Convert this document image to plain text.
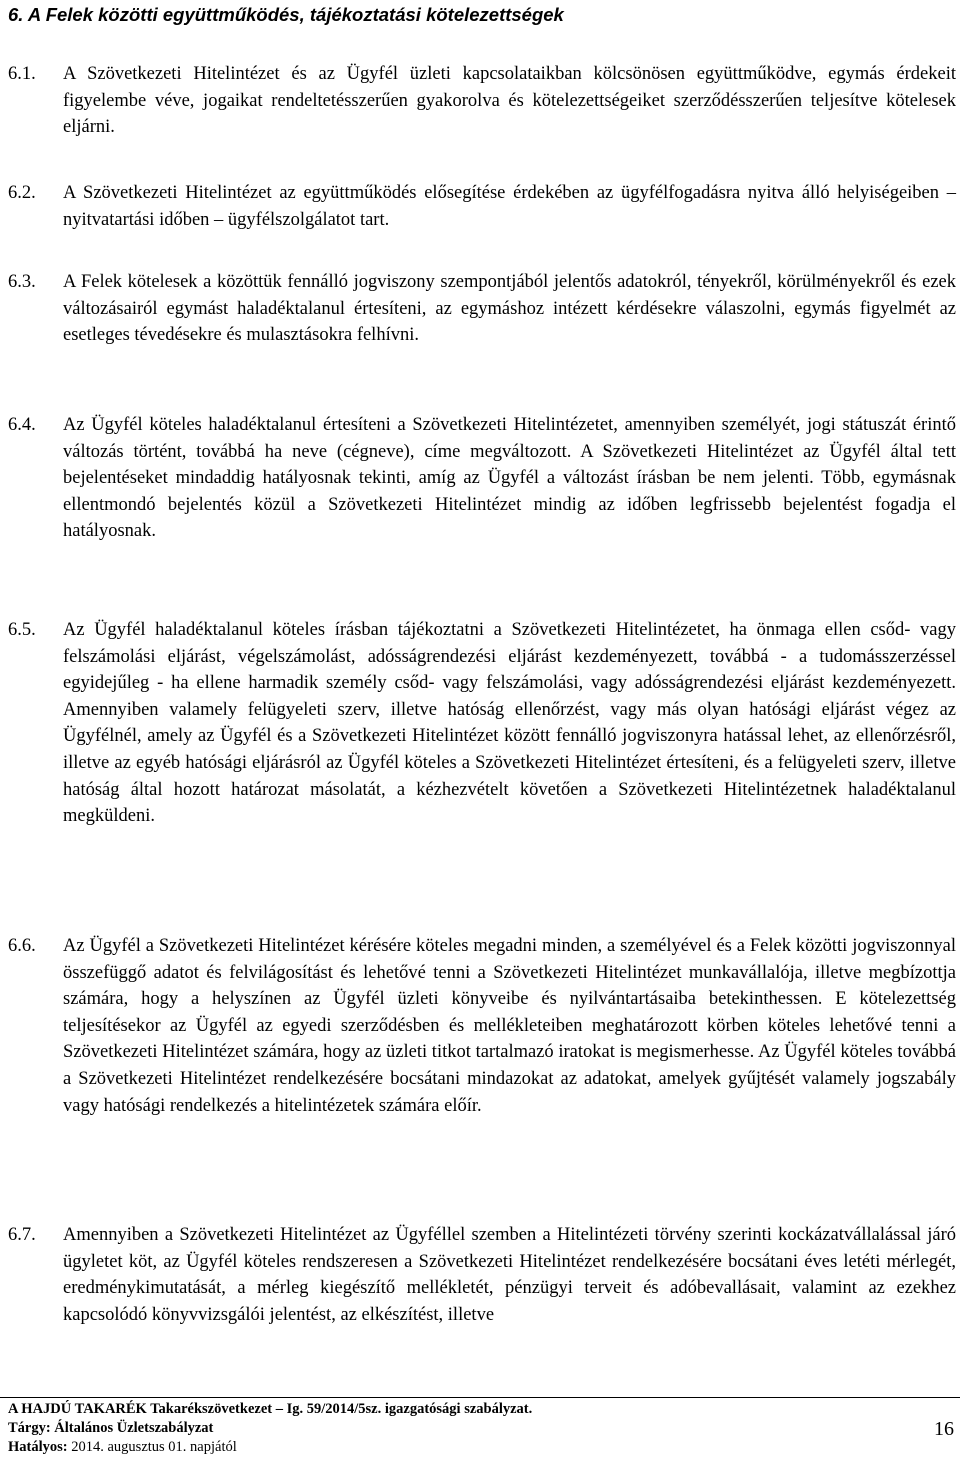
6. A Felek közötti együttműködés, tájékoztatási kötelezettségek
6.1. A Szövetkezeti Hitelintézet és az Ügyfél üzleti kapcsolataikban kölcsönösen együttműködve, egymás érdekeit figyelembe véve, jogaikat rendeltetésszerűen gyakorolva és kötelezettségeiket szerződésszerűen teljesítve kötelesek eljárni.
6.2. A Szövetkezeti Hitelintézet az együttműködés elősegítése érdekében az ügyfélfogadásra nyitva álló helyiségeiben – nyitvatartási időben – ügyfélszolgálatot tart.
6.3. A Felek kötelesek a közöttük fennálló jogviszony szempontjából jelentős adatokról, tényekről, körülményekről és ezek változásairól egymást haladéktalanul értesíteni, az egymáshoz intézett kérdésekre válaszolni, egymás figyelmét az esetleges tévedésekre és mulasztásokra felhívni.
6.4. Az Ügyfél köteles haladéktalanul értesíteni a Szövetkezeti Hitelintézetet, amennyiben személyét, jogi státuszát érintő változás történt, továbbá ha neve (cégneve), címe megváltozott. A Szövetkezeti Hitelintézet az Ügyfél által tett bejelentéseket mindaddig hatályosnak tekinti, amíg az Ügyfél a változást írásban be nem jelenti. Több, egymásnak ellentmondó bejelentés közül a Szövetkezeti Hitelintézet mindig az időben legfrissebb bejelentést fogadja el hatályosnak.
6.5. Az Ügyfél haladéktalanul köteles írásban tájékoztatni a Szövetkezeti Hitelintézetet, ha önmaga ellen csőd- vagy felszámolási eljárást, végelszámolást, adósságrendezési eljárást kezdeményezett, továbbá - a tudomásszerzéssel egyidejűleg - ha ellene harmadik személy csőd- vagy felszámolási, vagy adósságrendezési eljárást kezdeményezett. Amennyiben valamely felügyeleti szerv, illetve hatóság ellenőrzést, vagy más olyan hatósági eljárást végez az Ügyfélnél, amely az Ügyfél és a Szövetkezeti Hitelintézet között fennálló jogviszonyra hatással lehet, az ellenőrzésről, illetve az egyéb hatósági eljárásról az Ügyfél köteles a Szövetkezeti Hitelintézet értesíteni, és a felügyeleti szerv, illetve hatóság által hozott határozat másolatát, a kézhezvételt követően a Szövetkezeti Hitelintézetnek haladéktalanul megküldeni.
6.6. Az Ügyfél a Szövetkezeti Hitelintézet kérésére köteles megadni minden, a személyével és a Felek közötti jogviszonnyal összefüggő adatot és felvilágosítást és lehetővé tenni a Szövetkezeti Hitelintézet munkavállalója, illetve megbízottja számára, hogy a helyszínen az Ügyfél üzleti könyveibe és nyilvántartásaiba betekinthessen. E kötelezettség teljesítésekor az Ügyfél az egyedi szerződésben és mellékleteiben meghatározott körben köteles lehetővé tenni a Szövetkezeti Hitelintézet számára, hogy az üzleti titkot tartalmazó iratokat is megismerhesse. Az Ügyfél köteles továbbá a Szövetkezeti Hitelintézet rendelkezésére bocsátani mindazokat az adatokat, amelyek gyűjtését valamely jogszabály vagy hatósági rendelkezés a hitelintézetek számára előír.
6.7. Amennyiben a Szövetkezeti Hitelintézet az Ügyféllel szemben a Hitelintézeti törvény szerinti kockázatvállalással járó ügyletet köt, az Ügyfél köteles rendszeresen a Szövetkezeti Hitelintézet rendelkezésére bocsátani éves letéti mérlegét, eredménykimutatását, a mérleg kiegészítő mellékletét, pénzügyi terveit és adóbevallásait, valamint az ezekhez kapcsolódó könyvvizsgálói jelentést, az elkészítést, illetve
A HAJDÚ TAKARÉK Takarékszövetkezet – Ig. 59/2014/5sz. igazgatósági szabályzat.
Tárgy: Általános Üzletszabályzat
Hatályos: 2014. augusztus 01. napjától
16
